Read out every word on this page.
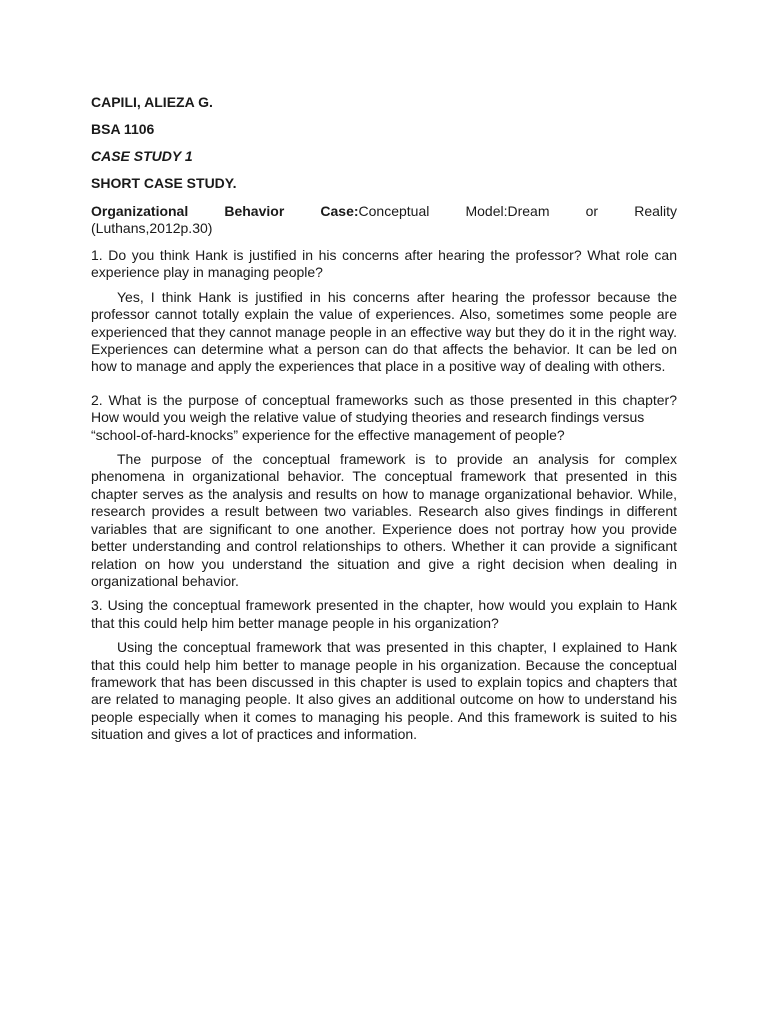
CAPILI, ALIEZA G.

BSA 1106

CASE STUDY 1

SHORT CASE STUDY.

Organizational Behavior Case:Conceptual Model:Dream or Reality

(Luthans,2012p.30)

1. Do you think Hank is justified in his concerns after hearing the professor? What role can experience play in managing people?

Yes, I think Hank is justified in his concerns after hearing the professor because the professor cannot totally explain the value of experiences. Also, sometimes some people are experienced that they cannot manage people in an effective way but they do it in the right way. Experiences can determine what a person can do that affects the behavior. It can be led on how to manage and apply the experiences that place in a positive way of dealing with others.

2. What is the purpose of conceptual frameworks such as those presented in this chapter? How would you weigh the relative value of studying theories and research findings versus

“school-of-hard-knocks” experience for the effective management of people?

The purpose of the conceptual framework is to provide an analysis for complex phenomena in organizational behavior. The conceptual framework that presented in this chapter serves as the analysis and results on how to manage organizational behavior. While, research provides a result between two variables. Research also gives findings in different variables that are significant to one another. Experience does not portray how you provide better understanding and control relationships to others. Whether it can provide a significant relation on how you understand the situation and give a right decision when dealing in organizational behavior.

3. Using the conceptual framework presented in the chapter, how would you explain to Hank that this could help him better manage people in his organization?

Using the conceptual framework that was presented in this chapter, I explained to Hank that this could help him better to manage people in his organization. Because the conceptual framework that has been discussed in this chapter is used to explain topics and chapters that are related to managing people. It also gives an additional outcome on how to understand his people especially when it comes to managing his people. And this framework is suited to his situation and gives a lot of practices and information.
